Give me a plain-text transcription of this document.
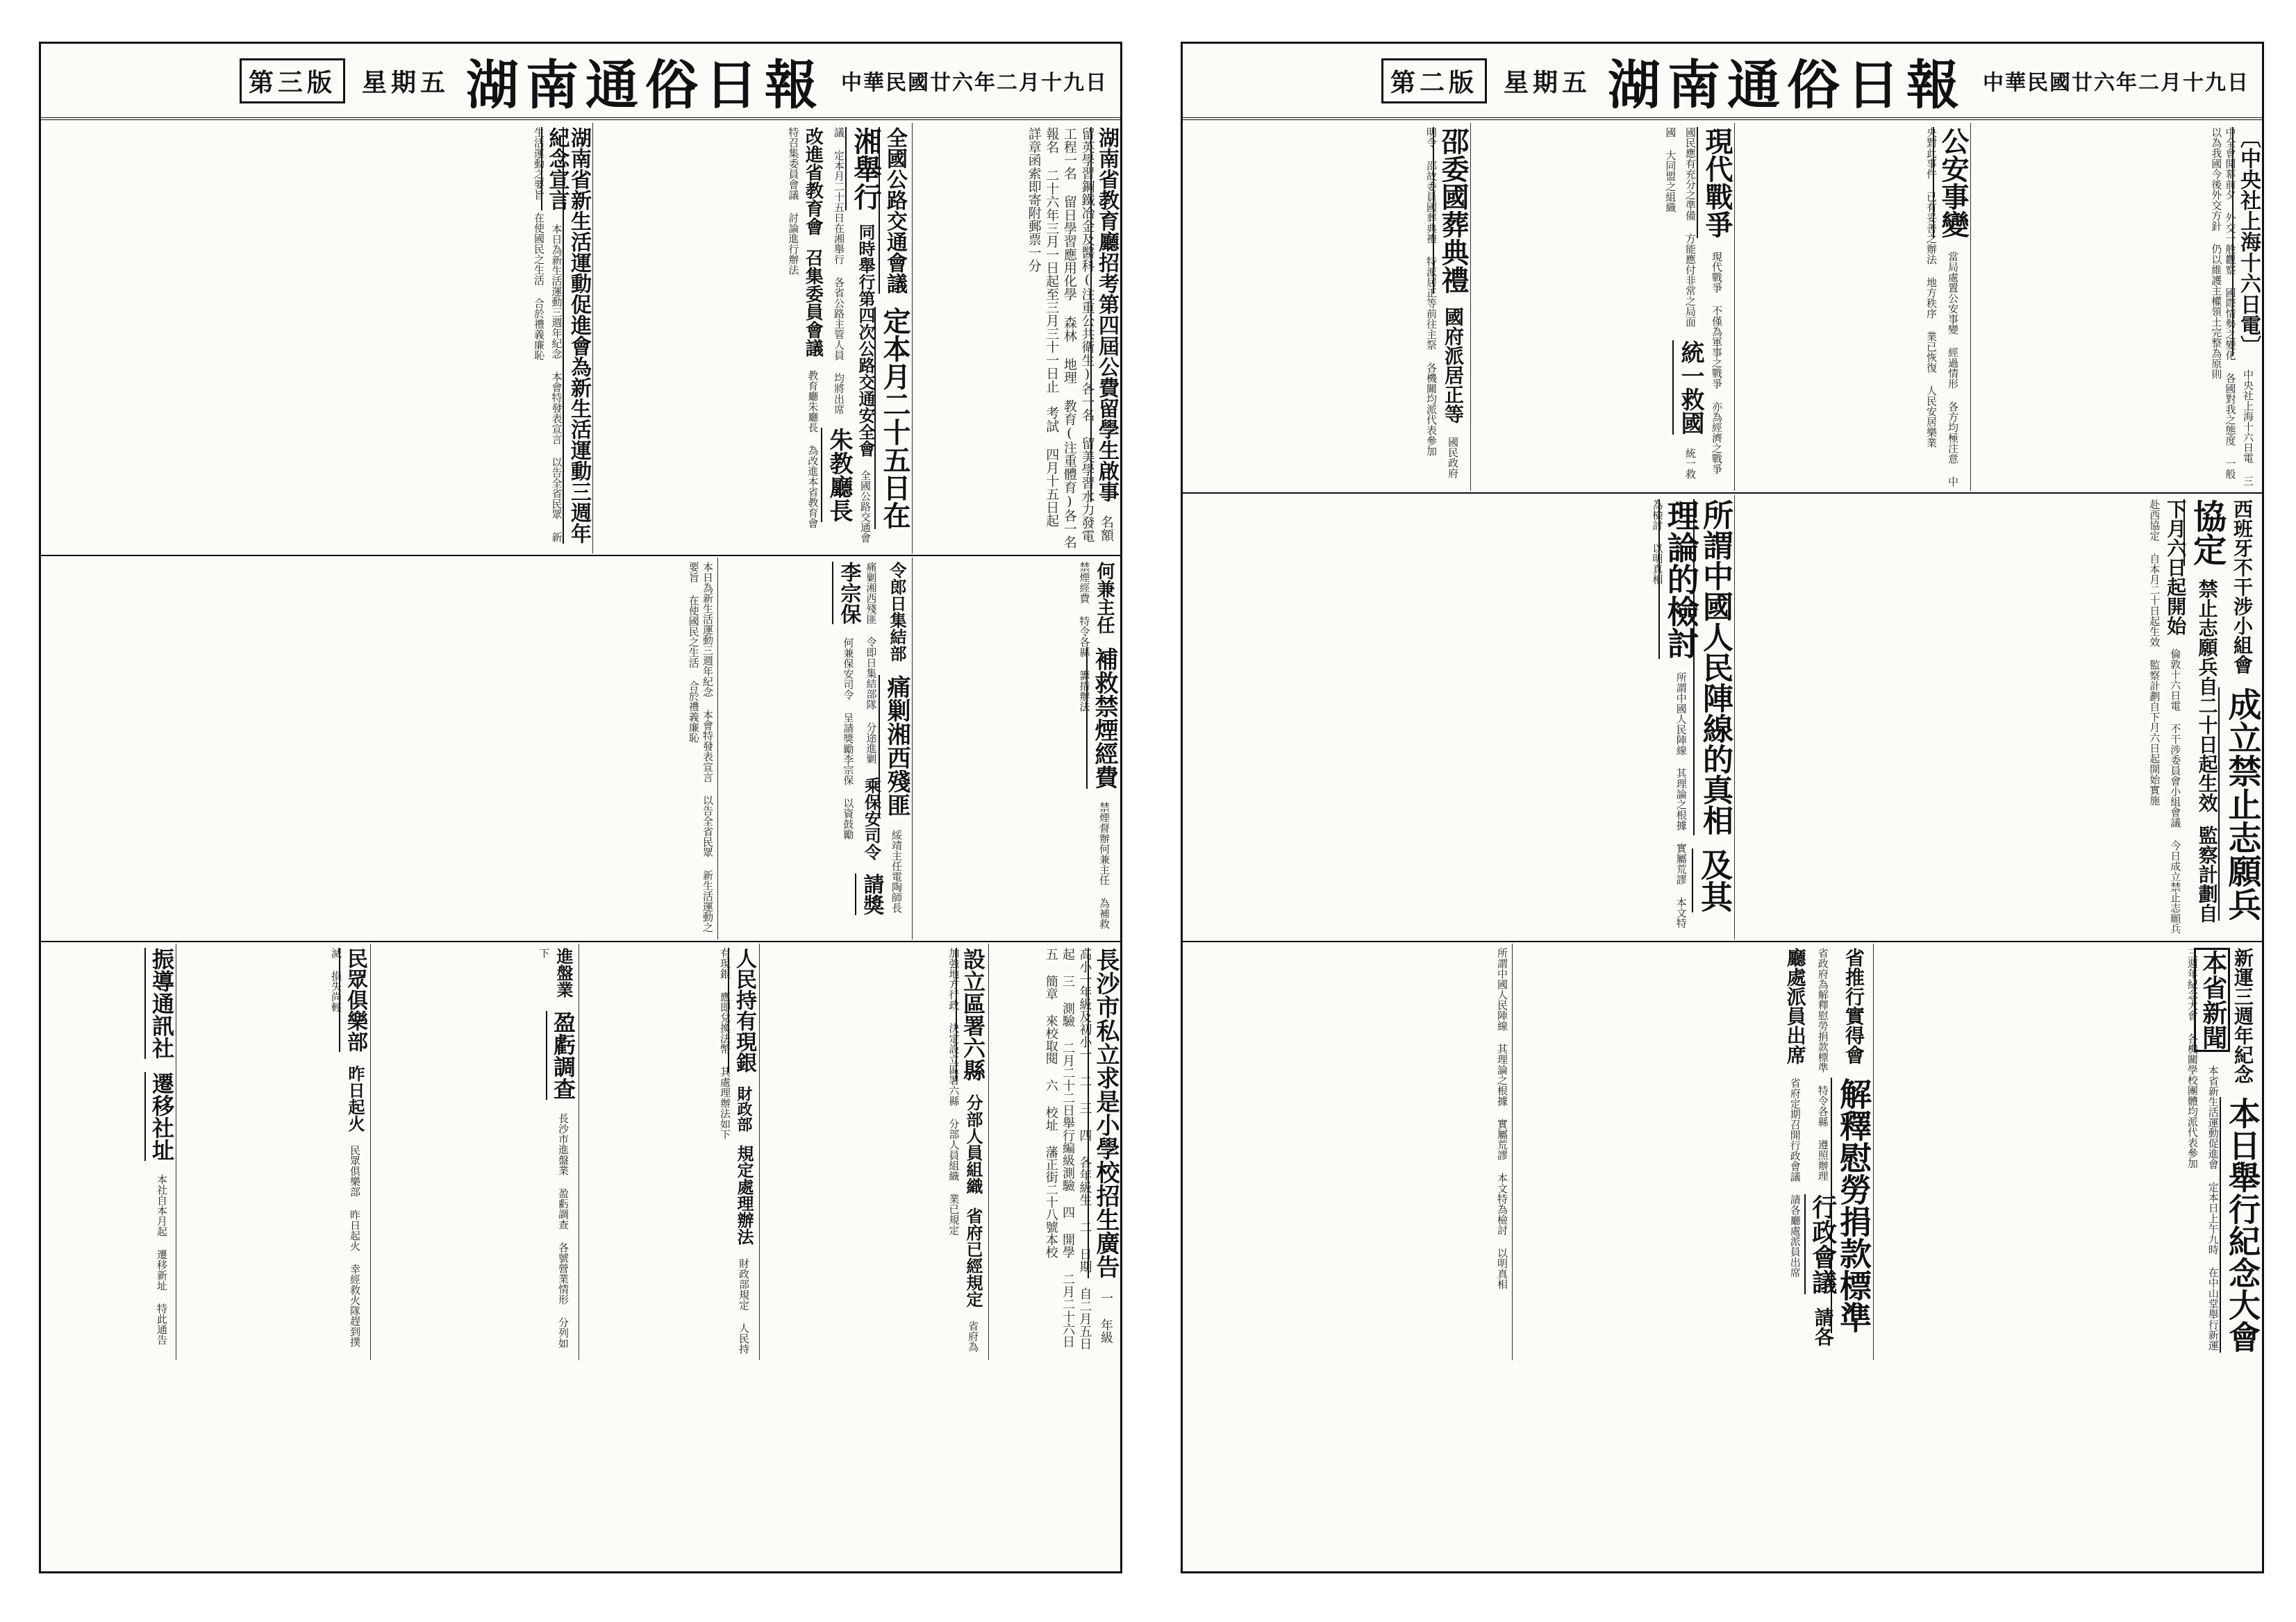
中華民國廿六年二月十九日
湖南通俗日報
星期五
第二版
〔中央社上海十六日電〕 中央社上海十六日電 三中全會開幕前夕 外交一般觀察 國際情勢之變化 各國對我之態度 一般以為我國今後外交方針 仍以維護主權領土完整為原則
公安事變 當局處置公安事變 經過情形 各方均極注意 中央對此事件 已有妥善之辦法 地方秩序 業已恢復 人民安居樂業
現代戰爭 現代戰爭 不僅為軍事之戰爭 亦為經濟之戰爭 國民應有充分之準備 方能應付非常之局面 統一救國 統一救國 大同盟之組織
邵委國葬典禮 國府派居正等 國民政府明令 邵故委員國葬典禮 特派居正等前往主祭 各機關均派代表參加
西班牙不干涉小組會 成立禁止志願兵協定 禁止志願兵自二十日起生效 監察計劃自下月六日起開始 倫敦十六日電 不干涉委員會小組會議 今日成立禁止志願兵赴西協定 自本月二十日起生效 監察計劃自下月六日起開始實施
所謂中國人民陣線的真相 及其理論的檢討 所謂中國人民陣線 其理論之根據 實屬荒謬 本文特為檢討 以明真相
新運三週年紀念 本日舉行紀念大會 本省新聞 本省新生活運動促進會 定本日上午九時 在中山堂舉行新運三週年紀念大會 各機關學校團體均派代表參加
省推行實得會 解釋慰勞捐款標準 省政府為解釋慰勞捐款標準 特令各縣 遵照辦理 行政會議 請各廳處派員出席 省府定期召開行政會議 請各廳處派員出席
所謂中國人民陣線 其理論之根據 實屬荒謬 本文特為檢討 以明真相
中華民國廿六年二月十九日
湖南通俗日報
星期五
第三版
湖南省教育廳招考第四屆公費留學生啟事 名額 留英學習鋼鐵冶金及醫科(注重公共衛生)各一名 留美學習水力發電工程一名 留日學習應用化學 森林 地理 教育(注重體育)各一名 報名 二十六年三月一日起至三月三十一日止 考試 四月十五日起 詳章函索即寄附郵票一分
全國公路交通會議 定本月二十五日在湘舉行 同時舉行第四次公路交通安全會 全國公路交通會議 定本月二十五日在湘舉行 各省公路主管人員 均將出席 朱教廳長 改進省教育會 召集委員會議 教育廳朱廳長 為改進本省教育會 特召集委員會議 討論進行辦法
湖南省新生活運動促進會為新生活運動三週年紀念宣言 本日為新生活運動三週年紀念 本會特發表宣言 以告全省民眾 新生活運動之要旨 在使國民之生活 合於禮義廉恥
何兼主任 補救禁煙經費 禁煙督辦何兼主任 為補救禁煙經費 特令各縣 籌措辦法
令郎日集結部 痛剿湘西殘匪 綏靖主任電陶師長 痛剿湘西殘匪 令即日集結部隊 分途進剿 乘保安司令 請獎李宗保 何兼保安司令 呈請獎勵李宗保 以資鼓勵
本日為新生活運動三週年紀念 本會特發表宣言 以告全省民眾 新生活運動之要旨 在使國民之生活 合於禮義廉恥
長沙市私立求是小學校招生廣告 一 年級 高小一年級及初小一 二 三 四 各年級生 二 日期 自二月五日起 三 測驗 二月二十二日舉行編級測驗 四 開學 二月二十六日 五 簡章 來校取閱 六 校址 藩正街二十八號本校
設立區署六縣 分部人員組織 省府已經規定 省府為加強地方行政 決定設立區署六縣 分部人員組織 業已規定
人民持有現銀 財政部 規定處理辦法 財政部規定 人民持有現銀 應即兌換法幣 其處理辦法如下
進盤業 盈虧調查 長沙市進盤業 盈虧調查 各號營業情形 分列如下
民眾俱樂部 昨日起火 民眾俱樂部 昨日起火 幸經救火隊趕到撲滅 損失尚輕
振導通訊社 遷移社址 本社自本月起 遷移新址 特此通告
